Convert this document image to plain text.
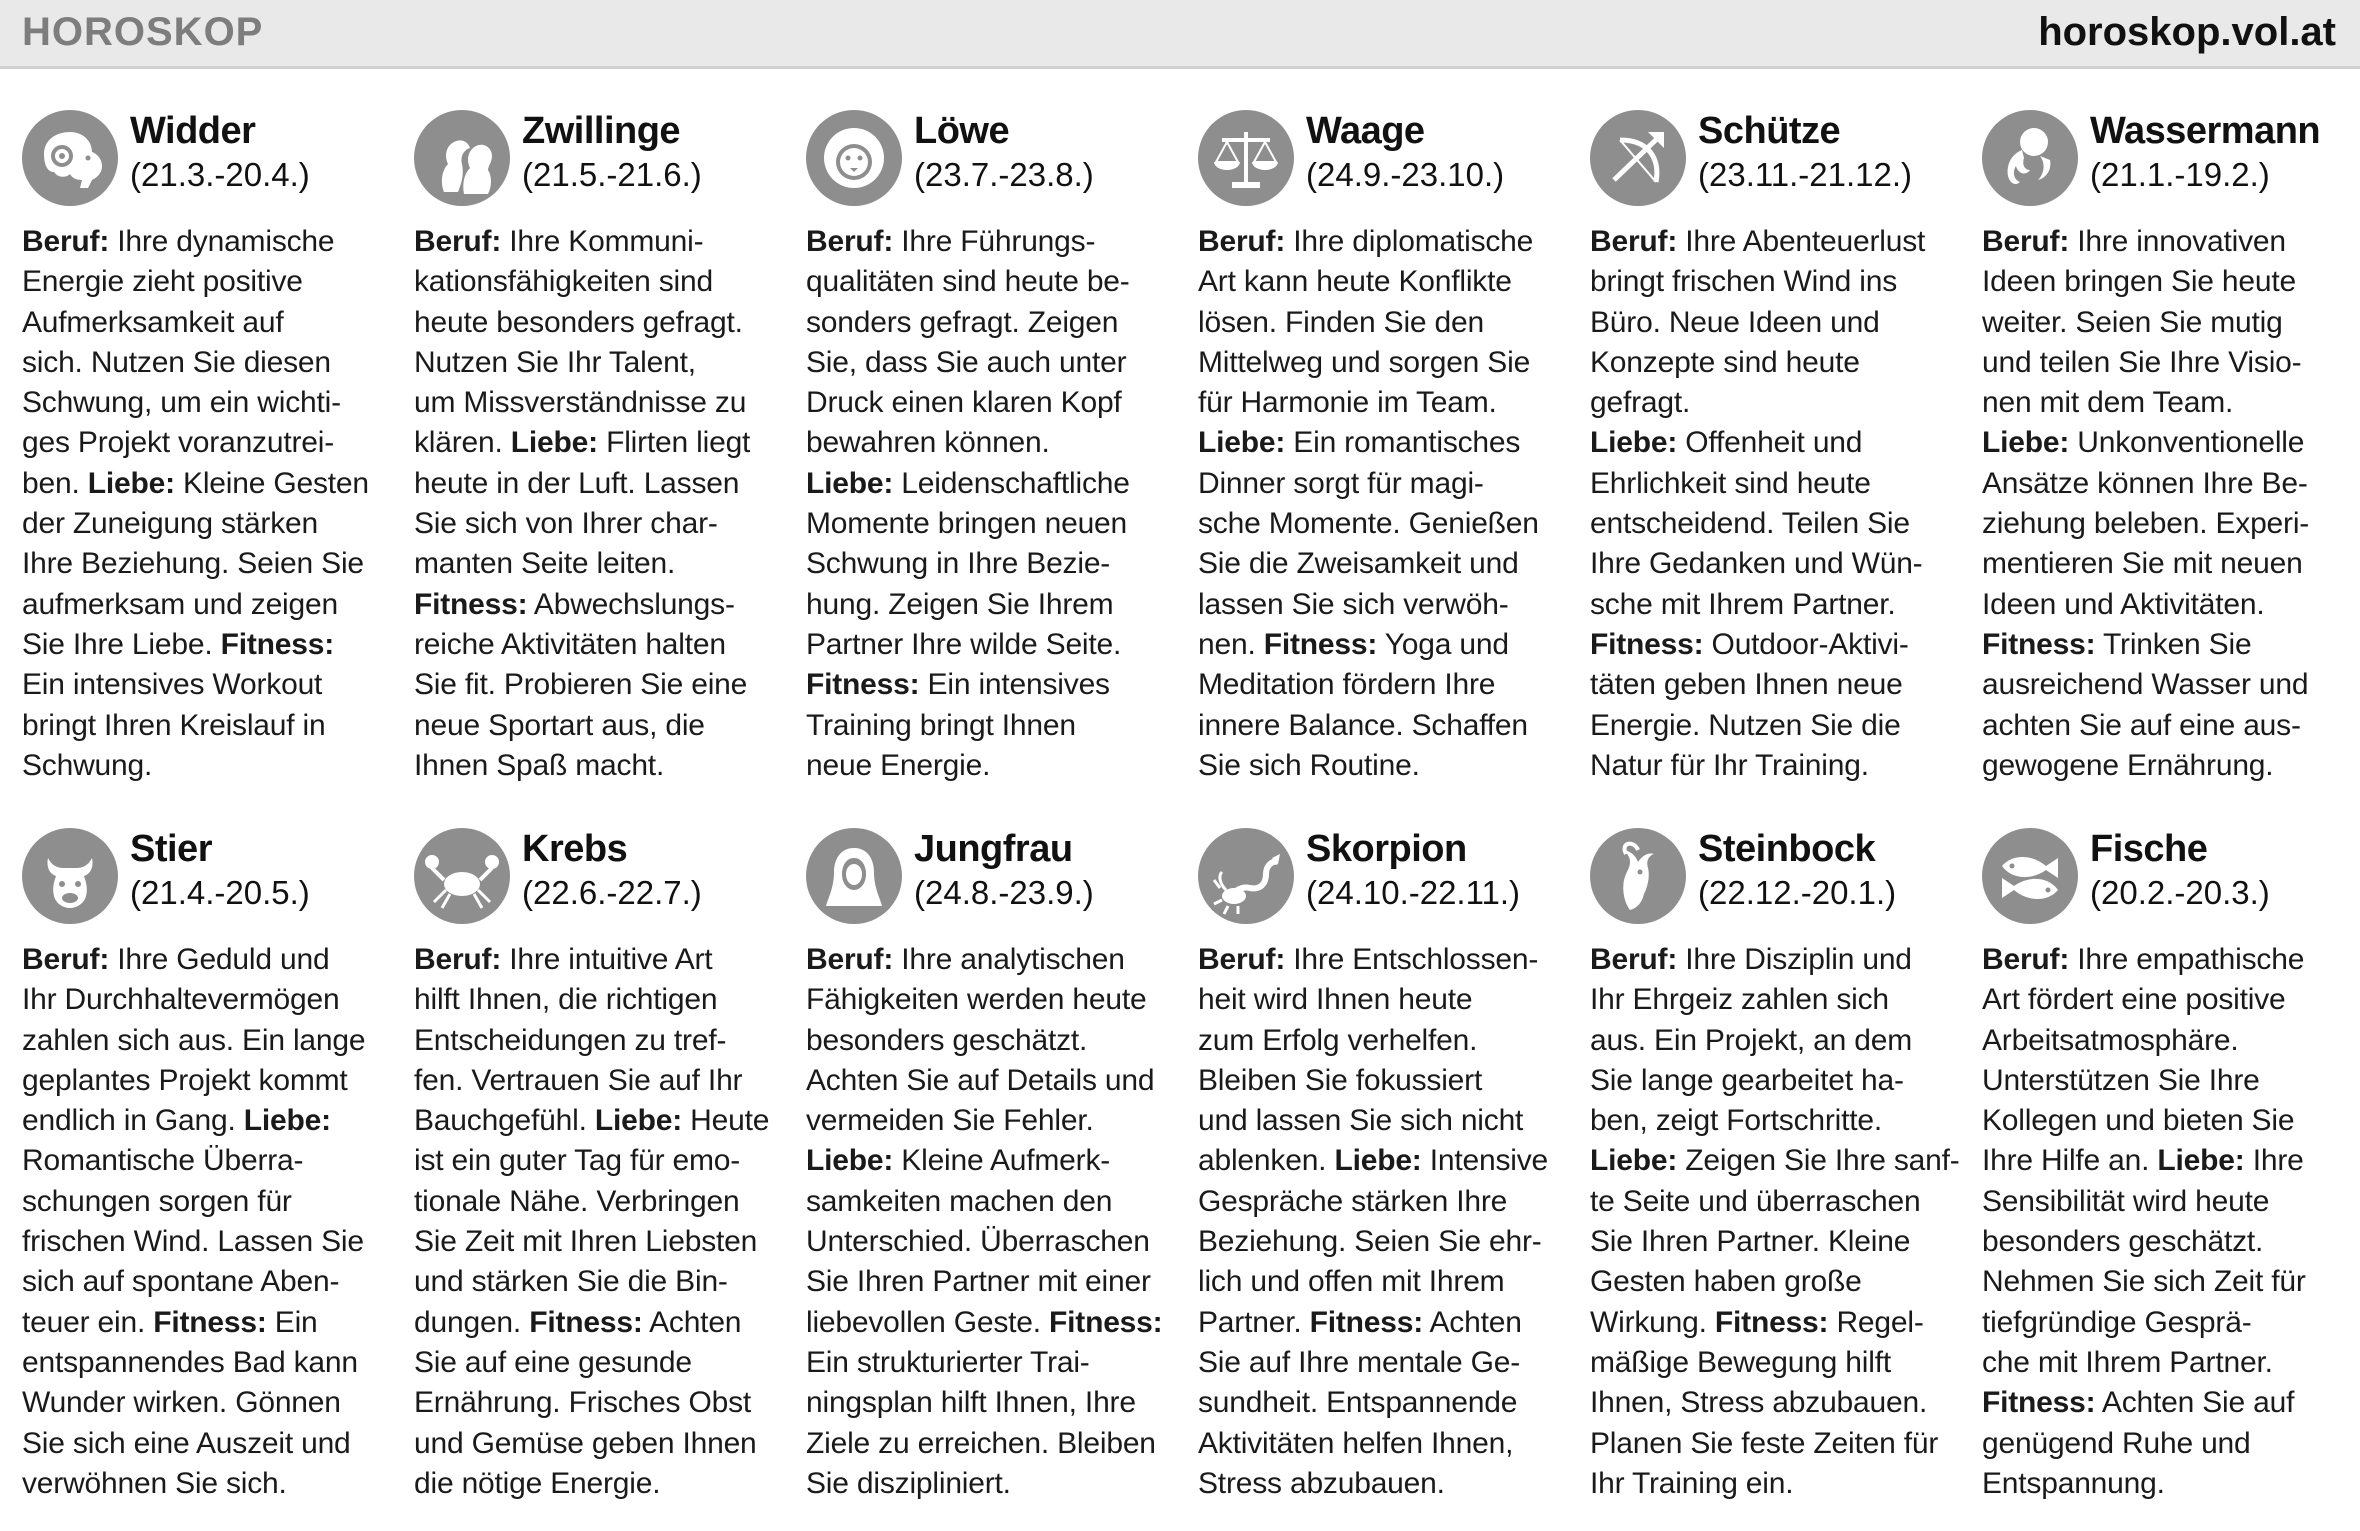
HOROSKOP	horoskop.vol.at
Widder
(21.3.-20.4.)
Beruf: Ihre dynamische
Energie zieht positive
Aufmerksamkeit auf
sich. Nutzen Sie diesen
Schwung, um ein wichti-
ges Projekt voranzutrei-
ben. Liebe: Kleine Gesten
der Zuneigung stärken
Ihre Beziehung. Seien Sie
aufmerksam und zeigen
Sie Ihre Liebe. Fitness:
Ein intensives Workout
bringt Ihren Kreislauf in
Schwung.
Zwillinge
(21.5.-21.6.)
Beruf: Ihre Kommuni-
kationsfähigkeiten sind
heute besonders gefragt.
Nutzen Sie Ihr Talent,
um Missverständnisse zu
klären. Liebe: Flirten liegt
heute in der Luft. Lassen
Sie sich von Ihrer char-
manten Seite leiten.
Fitness: Abwechslungs-
reiche Aktivitäten halten
Sie fit. Probieren Sie eine
neue Sportart aus, die
Ihnen Spaß macht.
Löwe
(23.7.-23.8.)
Beruf: Ihre Führungs-
qualitäten sind heute be-
sonders gefragt. Zeigen
Sie, dass Sie auch unter
Druck einen klaren Kopf
bewahren können.
Liebe: Leidenschaftliche
Momente bringen neuen
Schwung in Ihre Bezie-
hung. Zeigen Sie Ihrem
Partner Ihre wilde Seite.
Fitness: Ein intensives
Training bringt Ihnen
neue Energie.
Waage
(24.9.-23.10.)
Beruf: Ihre diplomatische
Art kann heute Konflikte
lösen. Finden Sie den
Mittelweg und sorgen Sie
für Harmonie im Team.
Liebe: Ein romantisches
Dinner sorgt für magi-
sche Momente. Genießen
Sie die Zweisamkeit und
lassen Sie sich verwöh-
nen. Fitness: Yoga und
Meditation fördern Ihre
innere Balance. Schaffen
Sie sich Routine.
Schütze
(23.11.-21.12.)
Beruf: Ihre Abenteuerlust
bringt frischen Wind ins
Büro. Neue Ideen und
Konzepte sind heute
gefragt.
Liebe: Offenheit und
Ehrlichkeit sind heute
entscheidend. Teilen Sie
Ihre Gedanken und Wün-
sche mit Ihrem Partner.
Fitness: Outdoor-Aktivi-
täten geben Ihnen neue
Energie. Nutzen Sie die
Natur für Ihr Training.
Wassermann
(21.1.-19.2.)
Beruf: Ihre innovativen
Ideen bringen Sie heute
weiter. Seien Sie mutig
und teilen Sie Ihre Visio-
nen mit dem Team.
Liebe: Unkonventionelle
Ansätze können Ihre Be-
ziehung beleben. Experi-
mentieren Sie mit neuen
Ideen und Aktivitäten.
Fitness: Trinken Sie
ausreichend Wasser und
achten Sie auf eine aus-
gewogene Ernährung.
Stier
(21.4.-20.5.)
Beruf: Ihre Geduld und
Ihr Durchhaltevermögen
zahlen sich aus. Ein lange
geplantes Projekt kommt
endlich in Gang. Liebe:
Romantische Überra-
schungen sorgen für
frischen Wind. Lassen Sie
sich auf spontane Aben-
teuer ein. Fitness: Ein
entspannendes Bad kann
Wunder wirken. Gönnen
Sie sich eine Auszeit und
verwöhnen Sie sich.
Krebs
(22.6.-22.7.)
Beruf: Ihre intuitive Art
hilft Ihnen, die richtigen
Entscheidungen zu tref-
fen. Vertrauen Sie auf Ihr
Bauchgefühl. Liebe: Heute
ist ein guter Tag für emo-
tionale Nähe. Verbringen
Sie Zeit mit Ihren Liebsten
und stärken Sie die Bin-
dungen. Fitness: Achten
Sie auf eine gesunde
Ernährung. Frisches Obst
und Gemüse geben Ihnen
die nötige Energie.
Jungfrau
(24.8.-23.9.)
Beruf: Ihre analytischen
Fähigkeiten werden heute
besonders geschätzt.
Achten Sie auf Details und
vermeiden Sie Fehler.
Liebe: Kleine Aufmerk-
samkeiten machen den
Unterschied. Überraschen
Sie Ihren Partner mit einer
liebevollen Geste. Fitness:
Ein strukturierter Trai-
ningsplan hilft Ihnen, Ihre
Ziele zu erreichen. Bleiben
Sie diszipliniert.
Skorpion
(24.10.-22.11.)
Beruf: Ihre Entschlossen-
heit wird Ihnen heute
zum Erfolg verhelfen.
Bleiben Sie fokussiert
und lassen Sie sich nicht
ablenken. Liebe: Intensive
Gespräche stärken Ihre
Beziehung. Seien Sie ehr-
lich und offen mit Ihrem
Partner. Fitness: Achten
Sie auf Ihre mentale Ge-
sundheit. Entspannende
Aktivitäten helfen Ihnen,
Stress abzubauen.
Steinbock
(22.12.-20.1.)
Beruf: Ihre Disziplin und
Ihr Ehrgeiz zahlen sich
aus. Ein Projekt, an dem
Sie lange gearbeitet ha-
ben, zeigt Fortschritte.
Liebe: Zeigen Sie Ihre sanf-
te Seite und überraschen
Sie Ihren Partner. Kleine
Gesten haben große
Wirkung. Fitness: Regel-
mäßige Bewegung hilft
Ihnen, Stress abzubauen.
Planen Sie feste Zeiten für
Ihr Training ein.
Fische
(20.2.-20.3.)
Beruf: Ihre empathische
Art fördert eine positive
Arbeitsatmosphäre.
Unterstützen Sie Ihre
Kollegen und bieten Sie
Ihre Hilfe an. Liebe: Ihre
Sensibilität wird heute
besonders geschätzt.
Nehmen Sie sich Zeit für
tiefgründige Gesprä-
che mit Ihrem Partner.
Fitness: Achten Sie auf
genügend Ruhe und
Entspannung.
